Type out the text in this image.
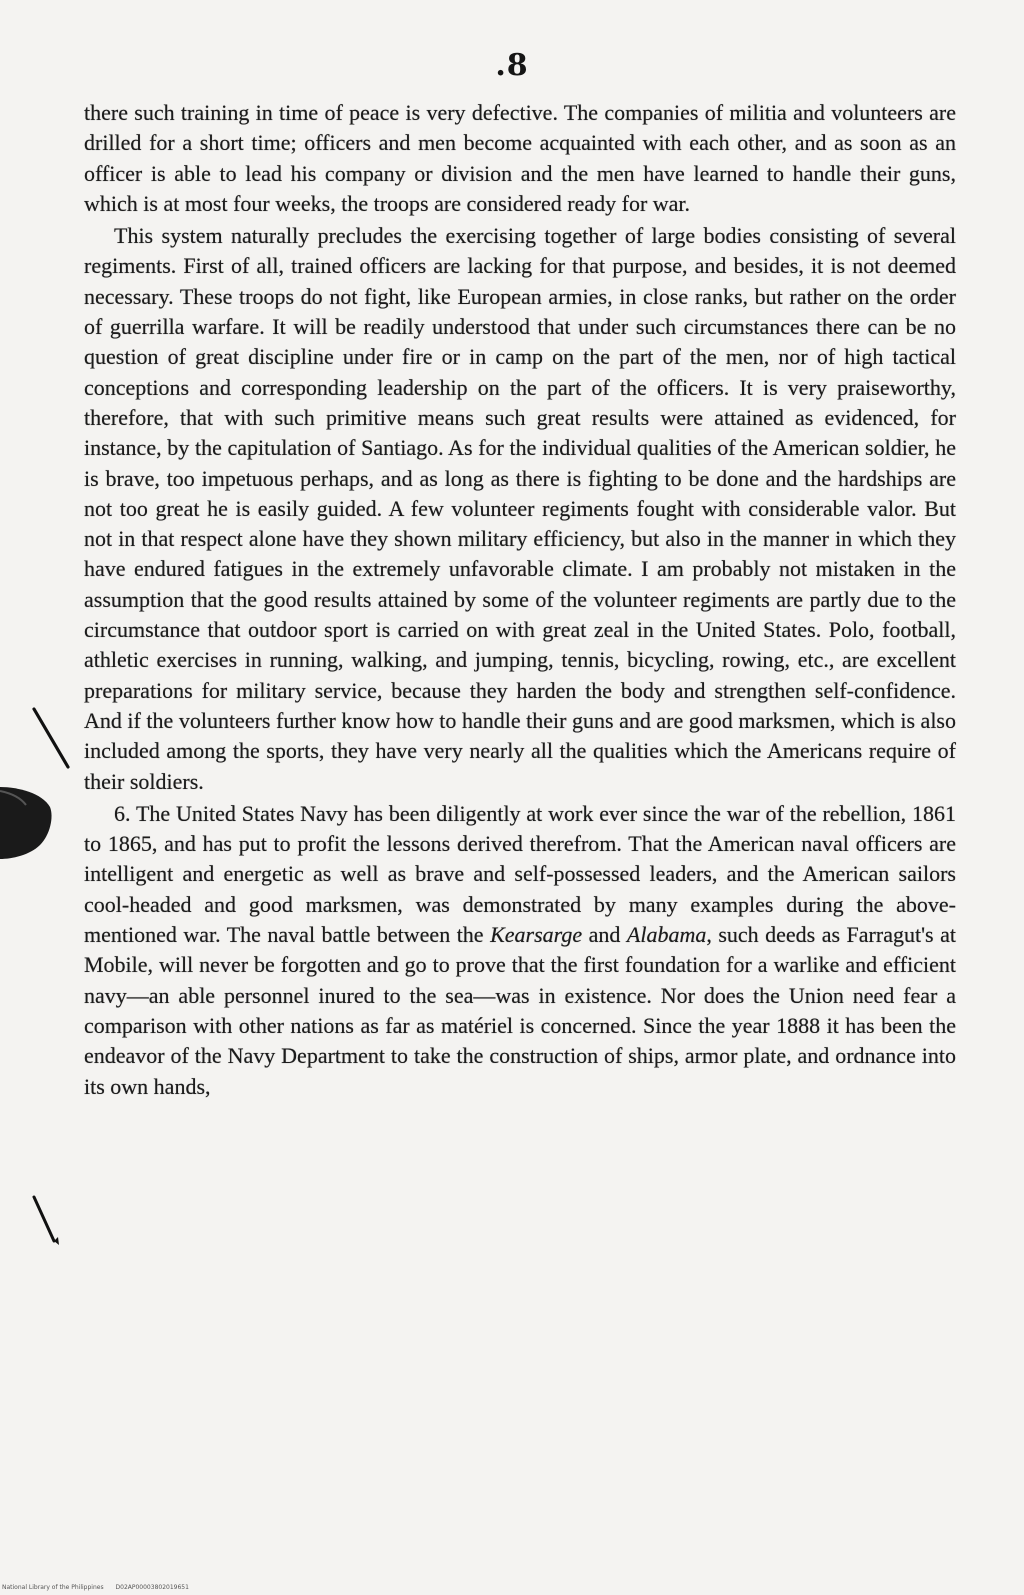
.8

there such training in time of peace is very defective. The companies of militia and volunteers are drilled for a short time; officers and men become acquainted with each other, and as soon as an officer is able to lead his company or division and the men have learned to handle their guns, which is at most four weeks, the troops are considered ready for war.

This system naturally precludes the exercising together of large bodies consisting of several regiments. First of all, trained officers are lacking for that purpose, and besides, it is not deemed necessary. These troops do not fight, like European armies, in close ranks, but rather on the order of guerrilla warfare. It will be readily understood that under such circumstances there can be no question of great discipline under fire or in camp on the part of the men, nor of high tactical conceptions and corresponding leadership on the part of the officers. It is very praiseworthy, therefore, that with such primitive means such great results were attained as evidenced, for instance, by the capitulation of Santiago. As for the individual qualities of the American soldier, he is brave, too impetuous perhaps, and as long as there is fighting to be done and the hardships are not too great he is easily guided. A few volunteer regiments fought with considerable valor. But not in that respect alone have they shown military efficiency, but also in the manner in which they have endured fatigues in the extremely unfavorable climate. I am probably not mistaken in the assumption that the good results attained by some of the volunteer regiments are partly due to the circumstance that outdoor sport is carried on with great zeal in the United States. Polo, football, athletic exercises in running, walking, and jumping, tennis, bicycling, rowing, etc., are excellent preparations for military service, because they harden the body and strengthen self-confidence. And if the volunteers further know how to handle their guns and are good marksmen, which is also included among the sports, they have very nearly all the qualities which the Americans require of their soldiers.

6. The United States Navy has been diligently at work ever since the war of the rebellion, 1861 to 1865, and has put to profit the lessons derived therefrom. That the American naval officers are intelligent and energetic as well as brave and self-possessed leaders, and the American sailors cool-headed and good marksmen, was demonstrated by many examples during the above-mentioned war. The naval battle between the Kearsarge and Alabama, such deeds as Farragut's at Mobile, will never be forgotten and go to prove that the first foundation for a warlike and efficient navy—an able personnel inured to the sea—was in existence. Nor does the Union need fear a comparison with other nations as far as matériel is concerned. Since the year 1888 it has been the endeavor of the Navy Department to take the construction of ships, armor plate, and ordnance into its own hands,

National Library of the Philippines D02AP00003802019651
